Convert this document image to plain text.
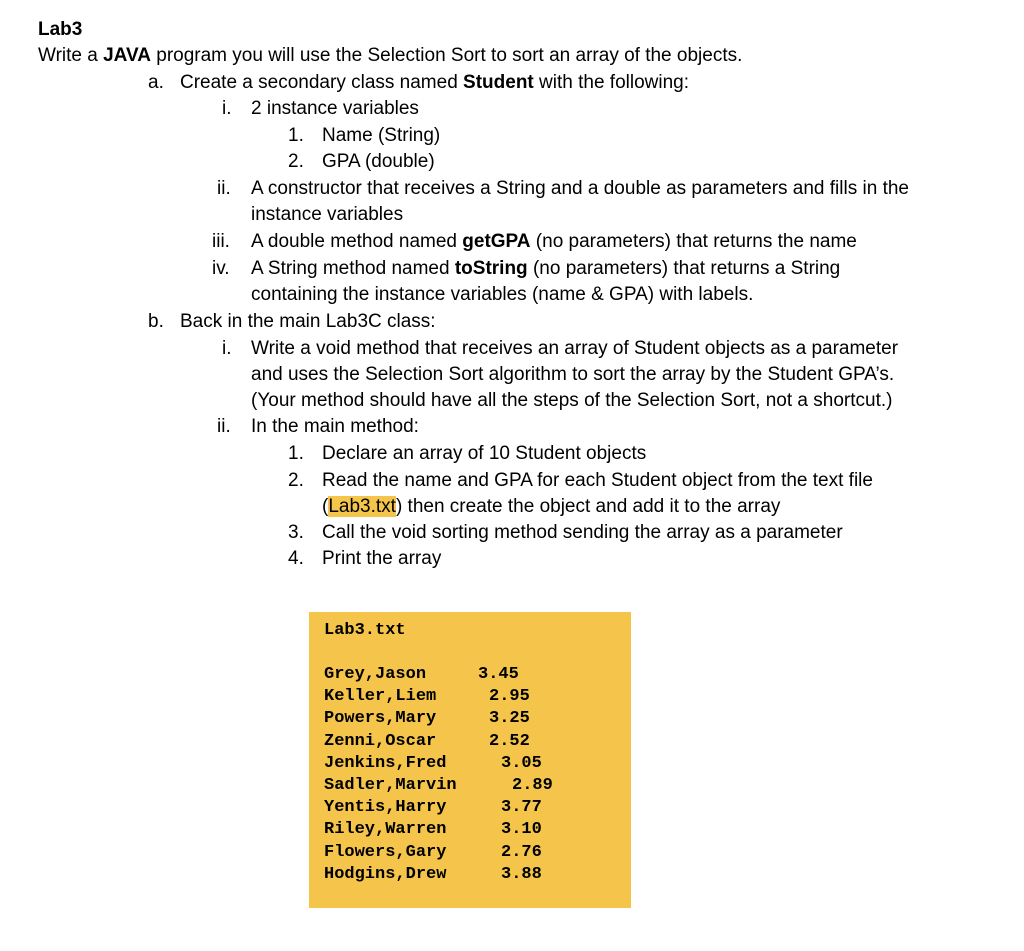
Lab3
Write a JAVA program you will use the Selection Sort to sort an array of the objects.
a. Create a secondary class named Student with the following:
i. 2 instance variables
1. Name (String)
2. GPA (double)
ii. A constructor that receives a String and a double as parameters and fills in the
instance variables
iii. A double method named getGPA (no parameters) that returns the name
iv. A String method named toString (no parameters) that returns a String
containing the instance variables (name & GPA) with labels.
b. Back in the main Lab3C class:
i. Write a void method that receives an array of Student objects as a parameter
and uses the Selection Sort algorithm to sort the array by the Student GPA’s.
(Your method should have all the steps of the Selection Sort, not a shortcut.)
ii. In the main method:
1. Declare an array of 10 Student objects
2. Read the name and GPA for each Student object from the text file
(Lab3.txt) then create the object and add it to the array
3. Call the void sorting method sending the array as a parameter
4. Print the array
Lab3.txt
Grey,Jason	3.45
Keller,Liem	2.95
Powers,Mary	3.25
Zenni,Oscar	2.52
Jenkins,Fred	3.05
Sadler,Marvin	2.89
Yentis,Harry	3.77
Riley,Warren	3.10
Flowers,Gary	2.76
Hodgins,Drew	3.88
